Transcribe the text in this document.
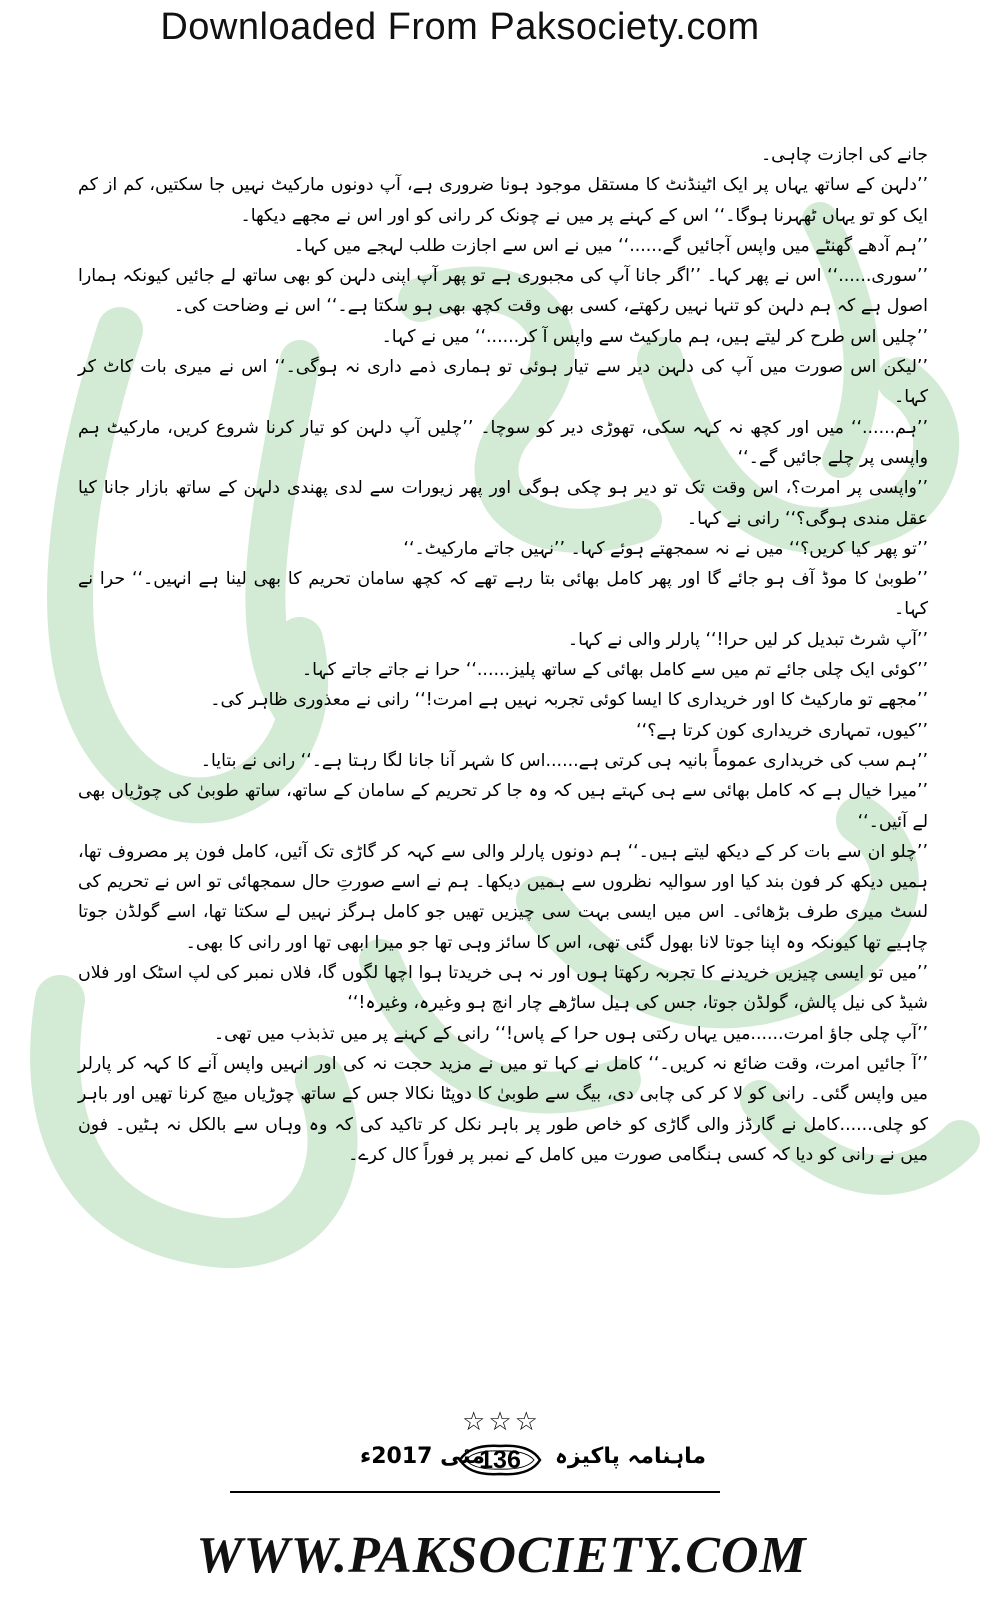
Downloaded From Paksociety.com

جانے کی اجازت چاہی۔

’’دلہن کے ساتھ یہاں پر ایک اٹینڈنٹ کا مستقل موجود ہونا ضروری ہے، آپ دونوں مارکیٹ نہیں جا سکتیں، کم از کم ایک کو تو یہاں ٹھہرنا ہوگا۔‘‘ اس کے کہنے پر میں نے چونک کر رانی کو اور اس نے مجھے دیکھا۔

’’ہم آدھے گھنٹے میں واپس آجائیں گے......‘‘ میں نے اس سے اجازت طلب لہجے میں کہا۔

’’سوری......‘‘ اس نے پھر کہا۔ ’’اگر جانا آپ کی مجبوری ہے تو پھر آپ اپنی دلہن کو بھی ساتھ لے جائیں کیونکہ ہمارا اصول ہے کہ ہم دلہن کو تنہا نہیں رکھتے، کسی بھی وقت کچھ بھی ہو سکتا ہے۔‘‘ اس نے وضاحت کی۔

’’چلیں اس طرح کر لیتے ہیں، ہم مارکیٹ سے واپس آ کر......‘‘ میں نے کہا۔

’’لیکن اس صورت میں آپ کی دلہن دیر سے تیار ہوئی تو ہماری ذمے داری نہ ہوگی۔‘‘ اس نے میری بات کاٹ کر کہا۔

’’ہم......‘‘ میں اور کچھ نہ کہہ سکی، تھوڑی دیر کو سوچا۔ ’’چلیں آپ دلہن کو تیار کرنا شروع کریں، مارکیٹ ہم واپسی پر چلے جائیں گے۔‘‘

’’واپسی پر امرت؟، اس وقت تک تو دیر ہو چکی ہوگی اور پھر زیورات سے لدی پھندی دلہن کے ساتھ بازار جانا کیا عقل مندی ہوگی؟‘‘ رانی نے کہا۔

’’تو پھر کیا کریں؟‘‘ میں نے نہ سمجھتے ہوئے کہا۔ ’’نہیں جاتے مارکیٹ۔‘‘

’’طوبیٰ کا موڈ آف ہو جائے گا اور پھر کامل بھائی بتا رہے تھے کہ کچھ سامان تحریم کا بھی لینا ہے انہیں۔‘‘ حرا نے کہا۔

’’آپ شرٹ تبدیل کر لیں حرا!‘‘ پارلر والی نے کہا۔

’’کوئی ایک چلی جائے تم میں سے کامل بھائی کے ساتھ پلیز......‘‘ حرا نے جاتے جاتے کہا۔

’’مجھے تو مارکیٹ کا اور خریداری کا ایسا کوئی تجربہ نہیں ہے امرت!‘‘ رانی نے معذوری ظاہر کی۔

’’کیوں، تمہاری خریداری کون کرتا ہے؟‘‘

’’ہم سب کی خریداری عموماً بانیہ ہی کرتی ہے......اس کا شہر آنا جانا لگا رہتا ہے۔‘‘ رانی نے بتایا۔

’’میرا خیال ہے کہ کامل بھائی سے ہی کہتے ہیں کہ وہ جا کر تحریم کے سامان کے ساتھ، ساتھ طوبیٰ کی چوڑیاں بھی لے آئیں۔‘‘

’’چلو ان سے بات کر کے دیکھ لیتے ہیں۔‘‘ ہم دونوں پارلر والی سے کہہ کر گاڑی تک آئیں، کامل فون پر مصروف تھا، ہمیں دیکھ کر فون بند کیا اور سوالیہ نظروں سے ہمیں دیکھا۔ ہم نے اسے صورتِ حال سمجھائی تو اس نے تحریم کی لسٹ میری طرف بڑھائی۔ اس میں ایسی بہت سی چیزیں تھیں جو کامل ہرگز نہیں لے سکتا تھا، اسے گولڈن جوتا چاہیے تھا کیونکہ وہ اپنا جوتا لانا بھول گئی تھی، اس کا سائز وہی تھا جو میرا ابھی تھا اور رانی کا بھی۔

’’میں تو ایسی چیزیں خریدنے کا تجربہ رکھتا ہوں اور نہ ہی خریدتا ہوا اچھا لگوں گا، فلاں نمبر کی لپ اسٹک اور فلاں شیڈ کی نیل پالش، گولڈن جوتا، جس کی ہیل ساڑھے چار انچ ہو وغیرہ، وغیرہ!‘‘

’’آپ چلی جاؤ امرت......میں یہاں رکتی ہوں حرا کے پاس!‘‘ رانی کے کہنے پر میں تذبذب میں تھی۔

’’آ جائیں امرت، وقت ضائع نہ کریں۔‘‘ کامل نے کہا تو میں نے مزید حجت نہ کی اور انہیں واپس آنے کا کہہ کر پارلر میں واپس گئی۔ رانی کو لا کر کی چابی دی، بیگ سے طوبیٰ کا دوپٹا نکالا جس کے ساتھ چوڑیاں میچ کرنا تھیں اور باہر کو چلی......کامل نے گارڈز والی گاڑی کو خاص طور پر باہر نکل کر تاکید کی کہ وہ وہاں سے بالکل نہ ہٹیں۔ فون میں نے رانی کو دیا کہ کسی ہنگامی صورت میں کامل کے نمبر پر فوراً کال کرے۔

☆☆☆
ماہنامہ پاکیزہ
136
مئی 2017ء
WWW.PAKSOCIETY.COM
